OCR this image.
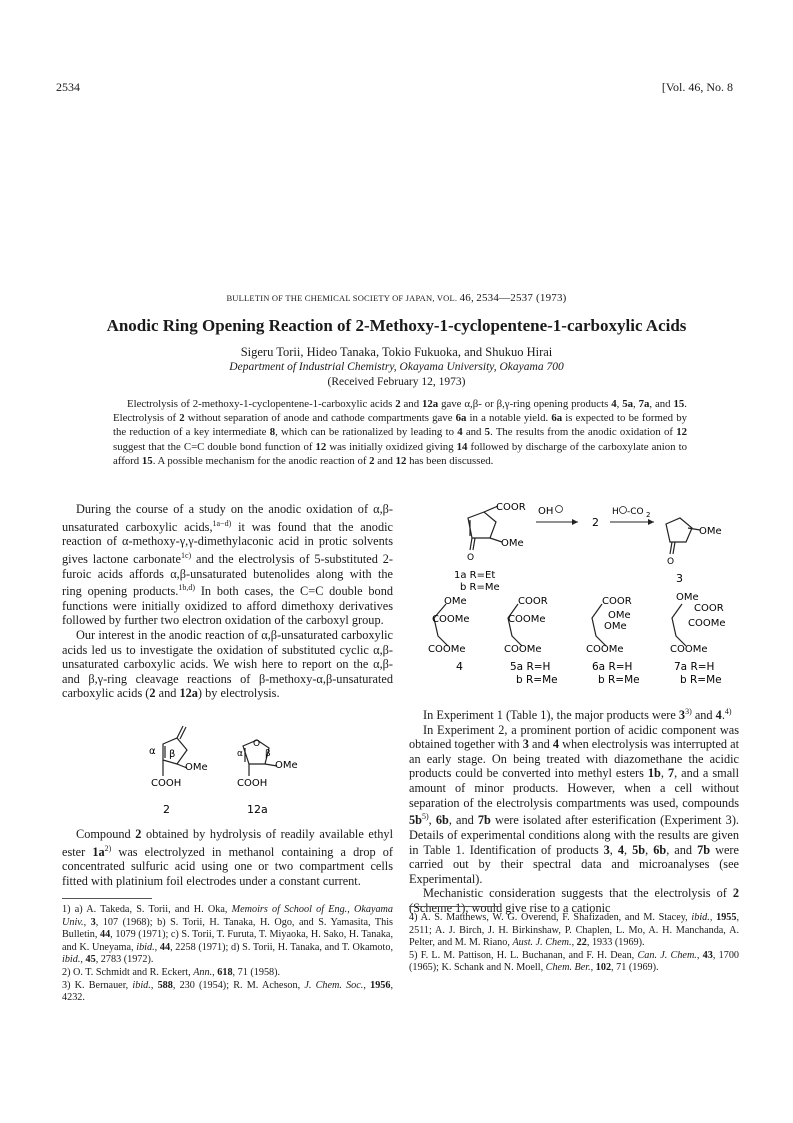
2534	[Vol. 46, No. 8
BULLETIN OF THE CHEMICAL SOCIETY OF JAPAN, VOL. 46, 2534—2537 (1973)
Anodic Ring Opening Reaction of 2-Methoxy-1-cyclopentene-1-carboxylic Acids
Sigeru Torii, Hideo Tanaka, Tokio Fukuoka, and Shukuo Hirai
Department of Industrial Chemistry, Okayama University, Okayama 700
(Received February 12, 1973)
Electrolysis of 2-methoxy-1-cyclopentene-1-carboxylic acids 2 and 12a gave α,β- or β,γ-ring opening products 4, 5a, 7a, and 15. Electrolysis of 2 without separation of anode and cathode compartments gave 6a in a notable yield. 6a is expected to be formed by the reduction of a key intermediate 8, which can be rationalized by leading to 4 and 5. The results from the anodic oxidation of 12 suggest that the C=C double bond function of 12 was initially oxidized giving 14 followed by discharge of the carboxylate anion to afford 15. A possible mechanism for the anodic reaction of 2 and 12 has been discussed.

During the course of a study on the anodic oxidation of α,β-unsaturated carboxylic acids,$^{1a-d)}$ it was found that the anodic reaction of α-methoxy-γ,γ-dimethylaconic acid in protic solvents gives lactone carbonate$^{1c)}$ and the electrolysis of 5-substituted 2-furoic acids affords α,β-unsaturated butenolides along with the ring opening products.$^{1b,d)}$ In both cases, the C=C double bond functions were initially oxidized to afford dimethoxy derivatives followed by further two electron oxidation of the carboxyl group.

Our interest in the anodic reaction of α,β-unsaturated carboxylic acids led us to investigate the oxidation of substituted cyclic α,β-unsaturated carboxylic acids. We wish here to report on the α,β- and β,γ-ring cleavage reactions of β-methoxy-α,β-unsaturated carboxylic acids (2 and 12a) by electrolysis.

α β
OMe
COOH
2
O
α β
OMe
COOH
12a

Compound 2 obtained by hydrolysis of readily available ethyl ester $1a^{2)}$ was electrolyzed in methanol containing a drop of concentrated sulfuric acid using one or two compartment cells fitted with platinium foil electrodes under a constant current.

1) a) A. Takeda, S. Torii, and H. Oka, Memoirs of School of Eng., Okayama Univ., 3, 107 (1968); b) S. Torii, H. Tanaka, H. Ogo, and S. Yamasita, This Bulletin, 44, 1079 (1971); c) S. Torii, T. Furuta, T. Miyaoka, H. Sako, H. Tanaka, and K. Uneyama, ibid., 44, 2258 (1971); d) S. Torii, H. Tanaka, and T. Okamoto, ibid., 45, 2783 (1972).

2) O. T. Schmidt and R. Eckert, Ann., 618, 71 (1958).

3) K. Bernauer, ibid., 588, 230 (1954); R. M. Acheson, J. Chem. Soc., 1956, 4232.

COOR
OMe
O
1a R=Et
b R=Me
OH
2
H -CO 2
OMe
O
3
OMe
COOMe
COOMe
4
COOR
COOMe
COOMe
5a R=H
b R=Me
COOR
OMe
OMe
COOMe
6a R=H
b R=Me
OMe
COOR
COOMe
COOMe
7a R=H
b R=Me

In Experiment 1 (Table 1), the major products were 3$^{3)}$ and 4.$^{4)}$

In Experiment 2, a prominent portion of acidic component was obtained together with 3 and 4 when electrolysis was interrupted at an early stage. On being treated with diazomethane the acidic products could be converted into methyl esters 1b, 7, and a small amount of minor products. However, when a cell without separation of the electrolysis compartments was used, compounds $5b^{5)}$, 6b, and 7b were isolated after esterification (Experiment 3). Details of experimental conditions along with the results are given in Table 1. Identification of products 3, 4, 5b, 6b, and 7b were carried out by their spectral data and microanalyses (see Experimental).

Mechanistic consideration suggests that the electrolysis of 2 (Scheme 1), would give rise to a cationic

4) A. S. Matthews, W. G. Overend, F. Shafizaden, and M. Stacey, ibid., 1955, 2511; A. J. Birch, J. H. Birkinshaw, P. Chaplen, L. Mo, A. H. Manchanda, A. Pelter, and M. M. Riano, Aust. J. Chem., 22, 1933 (1969).

5) F. L. M. Pattison, H. L. Buchanan, and F. H. Dean, Can. J. Chem., 43, 1700 (1965); K. Schank and N. Moell, Chem. Ber., 102, 71 (1969).
